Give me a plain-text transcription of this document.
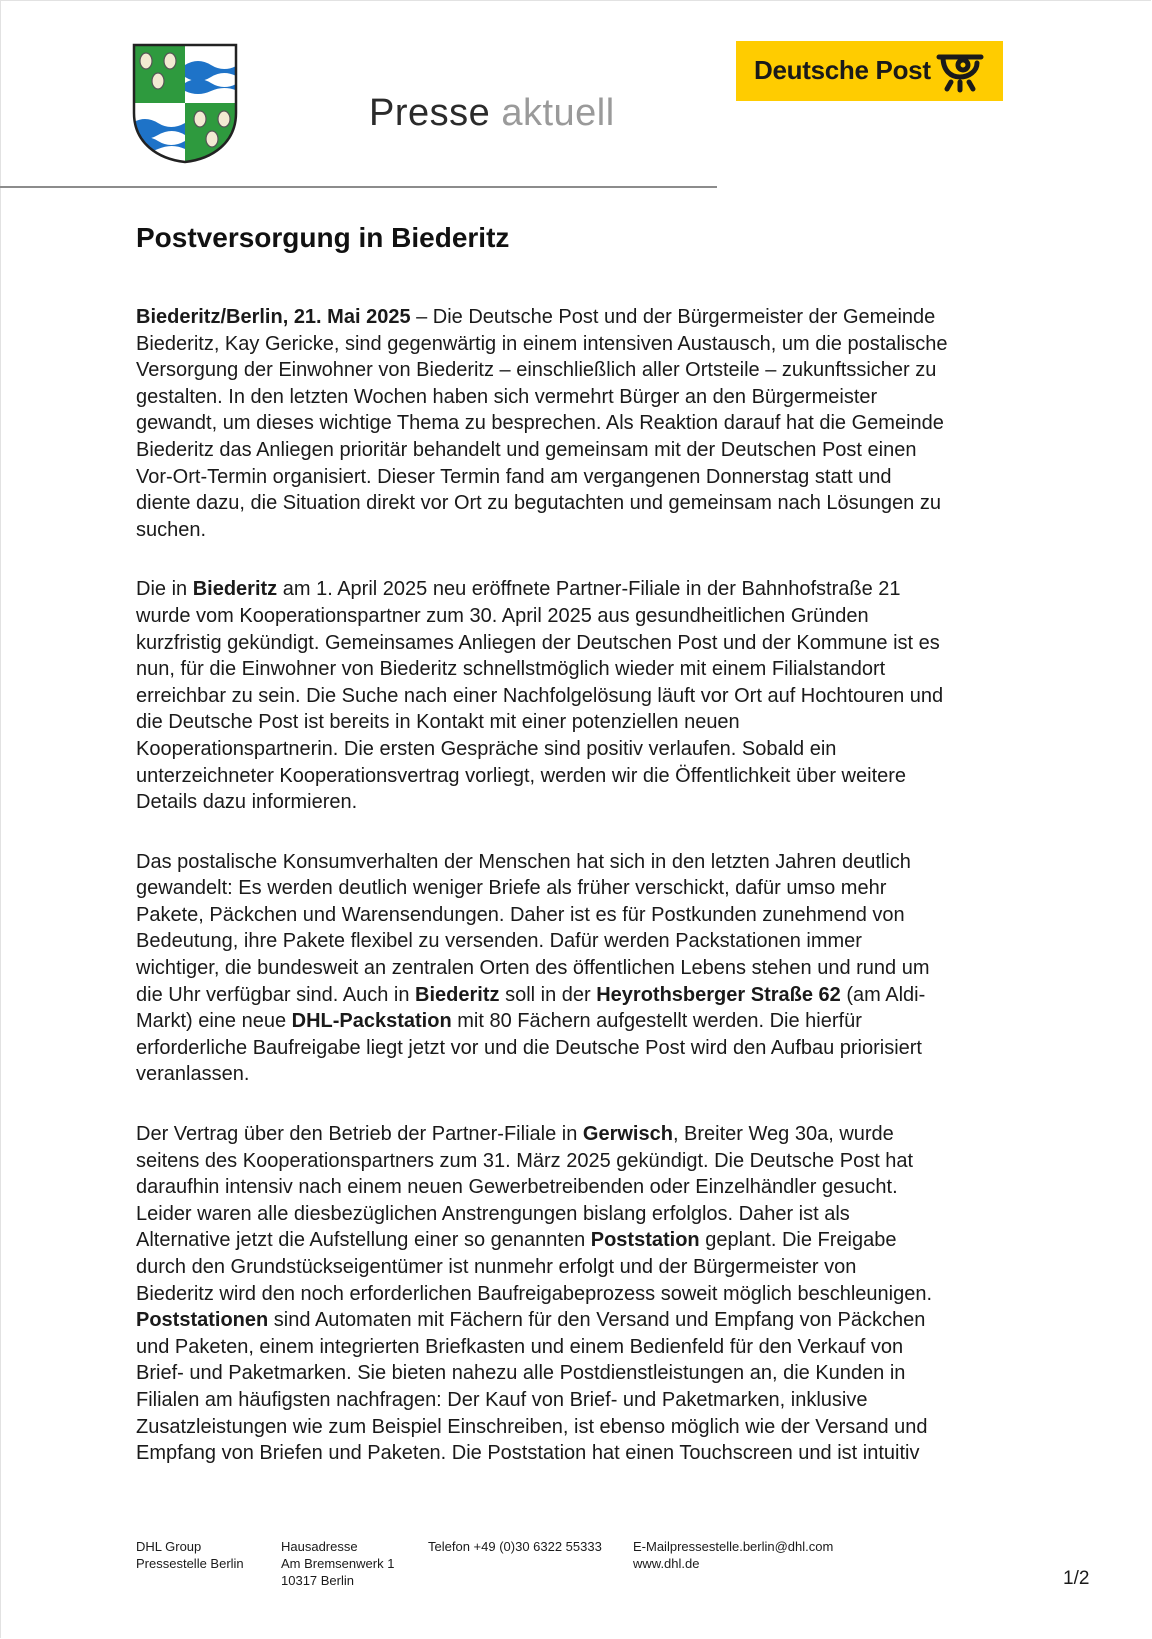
Presse aktuell
Deutsche Post
Postversorgung in Biederitz

Biederitz/Berlin, 21. Mai 2025 – Die Deutsche Post und der Bürgermeister der Gemeinde
Biederitz, Kay Gericke, sind gegenwärtig in einem intensiven Austausch, um die postalische
Versorgung der Einwohner von Biederitz – einschließlich aller Ortsteile – zukunftssicher zu
gestalten. In den letzten Wochen haben sich vermehrt Bürger an den Bürgermeister
gewandt, um dieses wichtige Thema zu besprechen. Als Reaktion darauf hat die Gemeinde
Biederitz das Anliegen prioritär behandelt und gemeinsam mit der Deutschen Post einen
Vor-Ort-Termin organisiert. Dieser Termin fand am vergangenen Donnerstag statt und
diente dazu, die Situation direkt vor Ort zu begutachten und gemeinsam nach Lösungen zu
suchen.

Die in Biederitz am 1. April 2025 neu eröffnete Partner-Filiale in der Bahnhofstraße 21
wurde vom Kooperationspartner zum 30. April 2025 aus gesundheitlichen Gründen
kurzfristig gekündigt. Gemeinsames Anliegen der Deutschen Post und der Kommune ist es
nun, für die Einwohner von Biederitz schnellstmöglich wieder mit einem Filialstandort
erreichbar zu sein. Die Suche nach einer Nachfolgelösung läuft vor Ort auf Hochtouren und
die Deutsche Post ist bereits in Kontakt mit einer potenziellen neuen
Kooperationspartnerin. Die ersten Gespräche sind positiv verlaufen. Sobald ein
unterzeichneter Kooperationsvertrag vorliegt, werden wir die Öffentlichkeit über weitere
Details dazu informieren.

Das postalische Konsumverhalten der Menschen hat sich in den letzten Jahren deutlich
gewandelt: Es werden deutlich weniger Briefe als früher verschickt, dafür umso mehr
Pakete, Päckchen und Warensendungen. Daher ist es für Postkunden zunehmend von
Bedeutung, ihre Pakete flexibel zu versenden. Dafür werden Packstationen immer
wichtiger, die bundesweit an zentralen Orten des öffentlichen Lebens stehen und rund um
die Uhr verfügbar sind. Auch in Biederitz soll in der Heyrothsberger Straße 62 (am Aldi-
Markt) eine neue DHL-Packstation mit 80 Fächern aufgestellt werden. Die hierfür
erforderliche Baufreigabe liegt jetzt vor und die Deutsche Post wird den Aufbau priorisiert
veranlassen.

Der Vertrag über den Betrieb der Partner-Filiale in Gerwisch, Breiter Weg 30a, wurde
seitens des Kooperationspartners zum 31. März 2025 gekündigt. Die Deutsche Post hat
daraufhin intensiv nach einem neuen Gewerbetreibenden oder Einzelhändler gesucht.
Leider waren alle diesbezüglichen Anstrengungen bislang erfolglos. Daher ist als
Alternative jetzt die Aufstellung einer so genannten Poststation geplant. Die Freigabe
durch den Grundstückseigentümer ist nunmehr erfolgt und der Bürgermeister von
Biederitz wird den noch erforderlichen Baufreigabeprozess soweit möglich beschleunigen.
Poststationen sind Automaten mit Fächern für den Versand und Empfang von Päckchen
und Paketen, einem integrierten Briefkasten und einem Bedienfeld für den Verkauf von
Brief- und Paketmarken. Sie bieten nahezu alle Postdienstleistungen an, die Kunden in
Filialen am häufigsten nachfragen: Der Kauf von Brief- und Paketmarken, inklusive
Zusatzleistungen wie zum Beispiel Einschreiben, ist ebenso möglich wie der Versand und
Empfang von Briefen und Paketen. Die Poststation hat einen Touchscreen und ist intuitiv

DHL Group
Pressestelle Berlin
Hausadresse
Am Bremsenwerk 1
10317 Berlin
Telefon +49 (0)30 6322 55333 E-Mailpressestelle.berlin@dhl.com
www.dhl.de
1/2
